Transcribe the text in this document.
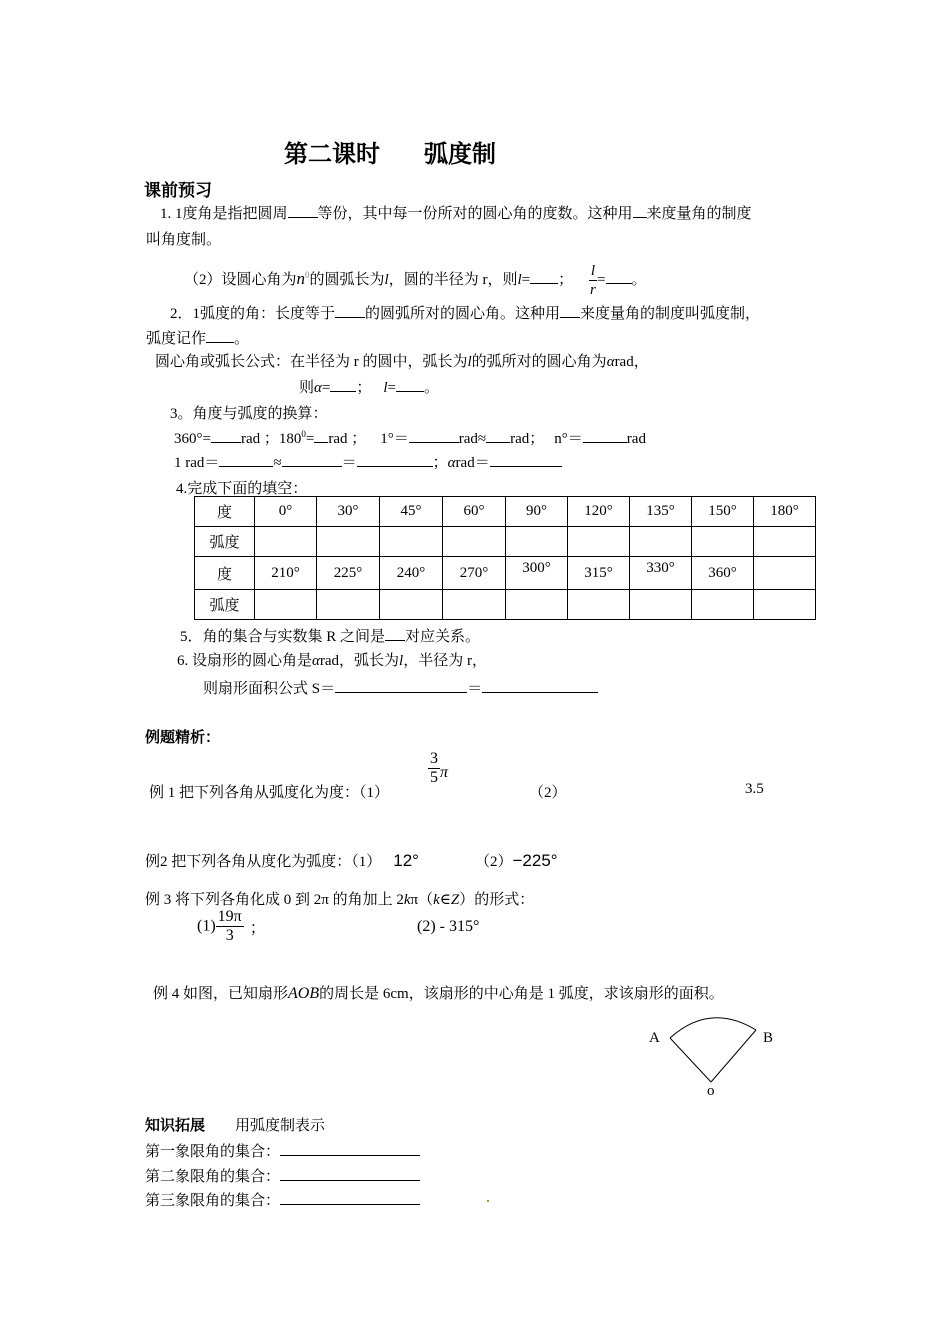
第二课时 弧度制
课前预习
1. 1度角是指把圆周 等份，其中每一份所对的圆心角的度数。这种用 来度量角的制度
叫角度制。
（2）设圆心角为$n^0$的圆弧长为l，圆的半径为 r，则l= ； $\frac{l}{r}$ = 。
2．1弧度的角：长度等于 的圆弧所对的圆心角。这种用 来度量角的制度叫弧度制，
弧度记作 。
圆心角或弧长公式：在半径为 r 的圆中，弧长为l的弧所对的圆心角为αrad，
则α= ； l= 。
3。角度与弧度的换算：
360°= rad ；$180^0=$ rad ； 1°＝	rad≈ rad； n°＝	rad
1 rad＝	≈	＝	；αrad＝
4.完成下面的填空：
度	0°	30°	45°	60°	90°	120°	135°	150°	180°
弧度									
度	210°	225°	240°	270°	300°	315°	330°	360°	
弧度									
5．角的集合与实数集 R 之间是 对应关系。
6. 设扇形的圆心角是αrad，弧长为l，半径为 r，
则扇形面积公式 S＝	＝
例题精析：
例 1 把下列各角从弧度化为度：（1）
$\frac{3}{5}$ π
（2）	3.5
例2 把下列各角从度化为弧度：（1） 12°	（2）−225°
例 3 将下列各角化成 0 到 2π 的角加上 2kπ（k∈Z）的形式：
$(1) \frac{19\pi}{3}$ ；	(2) - 315°
例 4 如图，已知扇形AOB的周长是 6cm，该扇形的中心角是 1 弧度，求该扇形的面积。
A	B
o
知识拓展 用弧度制表示
第一象限角的集合：
第二象限角的集合：
第三象限角的集合：
